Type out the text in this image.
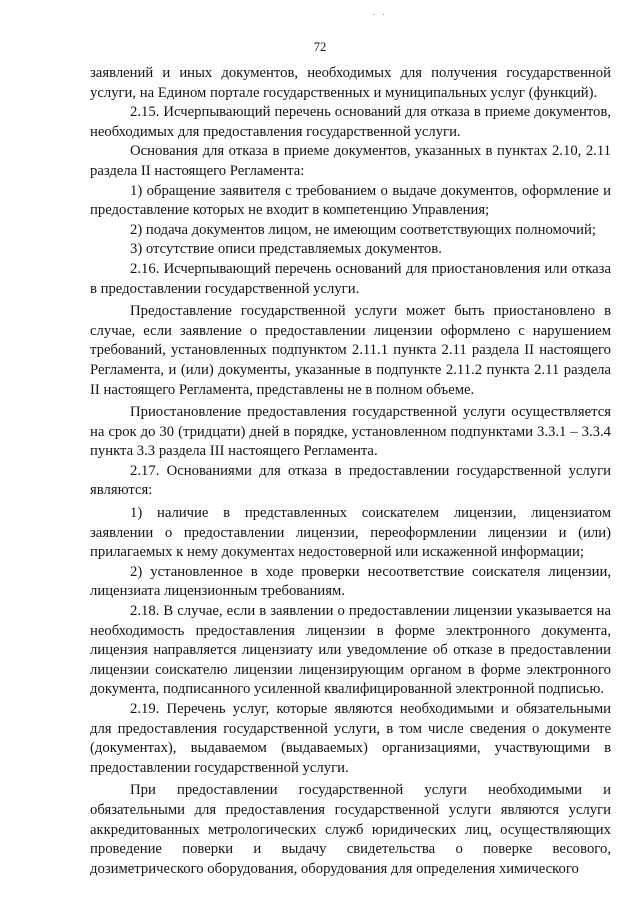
· ·
72

заявлений и иных документов, необходимых для получения государственной услуги, на Едином портале государственных и муниципальных услуг (функций).

2.15. Исчерпывающий перечень оснований для отказа в приеме документов, необходимых для предоставления государственной услуги.

Основания для отказа в приеме документов, указанных в пунктах 2.10, 2.11 раздела II настоящего Регламента:

1) обращение заявителя с требованием о выдаче документов, оформление и предоставление которых не входит в компетенцию Управления;

2) подача документов лицом, не имеющим соответствующих полномочий;

3) отсутствие описи представляемых документов.

2.16. Исчерпывающий перечень оснований для приостановления или отказа в предоставлении государственной услуги.

Предоставление государственной услуги может быть приостановлено в случае, если заявление о предоставлении лицензии оформлено с нарушением требований, установленных подпунктом 2.11.1 пункта 2.11 раздела II настоящего Регламента, и (или) документы, указанные в подпункте 2.11.2 пункта 2.11 раздела II настоящего Регламента, представлены не в полном объеме.

Приостановление предоставления государственной услуги осуществляется на срок до 30 (тридцати) дней в порядке, установленном подпунктами 3.3.1 – 3.3.4 пункта 3.3 раздела III настоящего Регламента.

2.17. Основаниями для отказа в предоставлении государственной услуги являются:

1) наличие в представленных соискателем лицензии, лицензиатом заявлении о предоставлении лицензии, переоформлении лицензии и (или) прилагаемых к нему документах недостоверной или искаженной информации;

2) установленное в ходе проверки несоответствие соискателя лицензии, лицензиата лицензионным требованиям.

2.18. В случае, если в заявлении о предоставлении лицензии указывается на необходимость предоставления лицензии в форме электронного документа, лицензия направляется лицензиату или уведомление об отказе в предоставлении лицензии соискателю лицензии лицензирующим органом в форме электронного документа, подписанного усиленной квалифицированной электронной подписью.

2.19. Перечень услуг, которые являются необходимыми и обязательными для предоставления государственной услуги, в том числе сведения о документе (документах), выдаваемом (выдаваемых) организациями, участвующими в предоставлении государственной услуги.

При предоставлении государственной услуги необходимыми и обязательными для предоставления государственной услуги являются услуги аккредитованных метрологических служб юридических лиц, осуществляющих проведение поверки и выдачу свидетельства о поверке весового, дозиметрического оборудования, оборудования для определения химического
